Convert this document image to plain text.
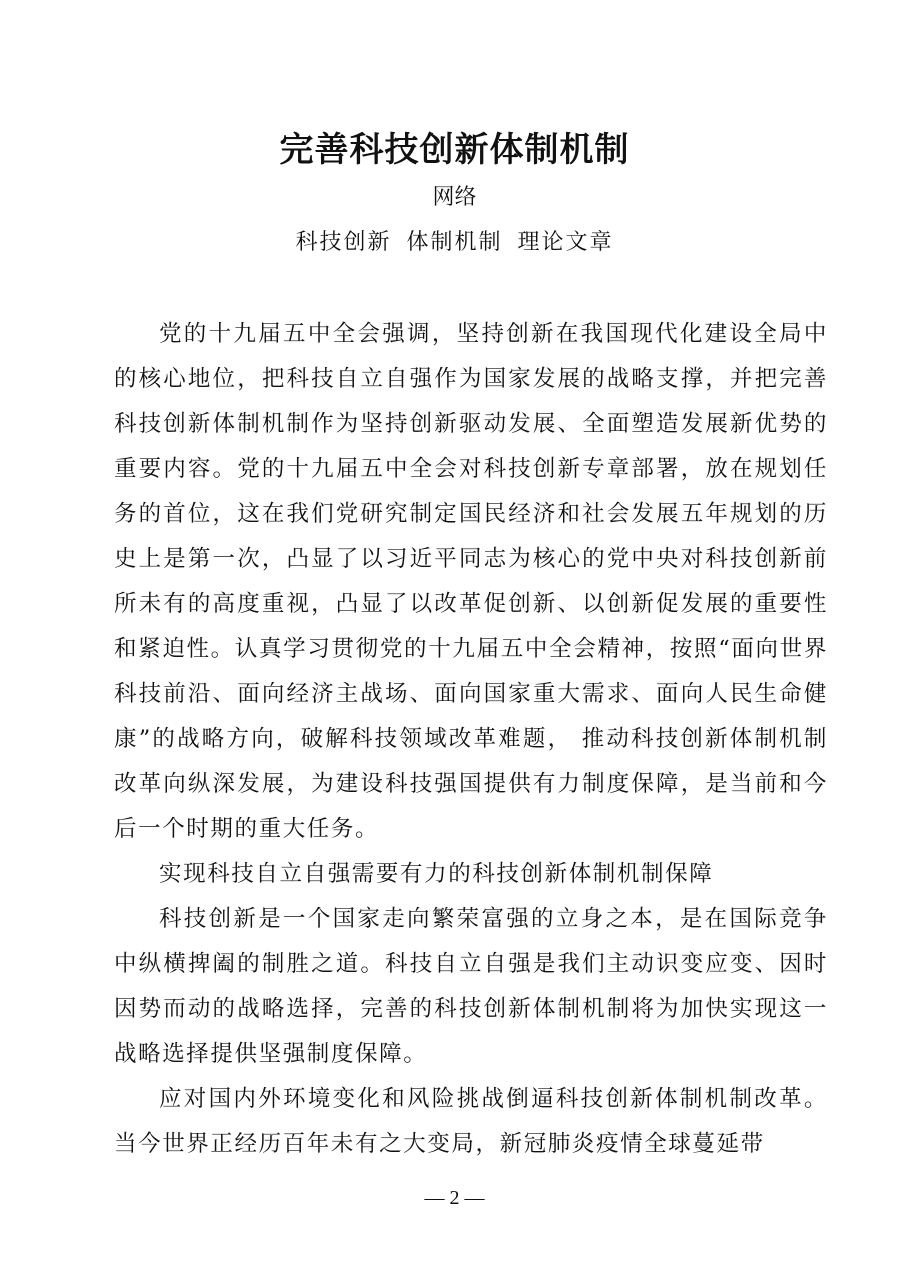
完善科技创新体制机制
网络
科技创新 体制机制 理论文章

党的十九届五中全会强调，坚持创新在我国现代化建设全局中的核心地位，把科技自立自强作为国家发展的战略支撑，并把完善科技创新体制机制作为坚持创新驱动发展、全面塑造发展新优势的重要内容。党的十九届五中全会对科技创新专章部署，放在规划任务的首位，这在我们党研究制定国民经济和社会发展五年规划的历史上是第一次，凸显了以习近平同志为核心的党中央对科技创新前所未有的高度重视，凸显了以改革促创新、以创新促发展的重要性和紧迫性。认真学习贯彻党的十九届五中全会精神，按照“面向世界科技前沿、面向经济主战场、面向国家重大需求、面向人民生命健康”的战略方向，破解科技领域改革难题， 推动科技创新体制机制改革向纵深发展，为建设科技强国提供有力制度保障，是当前和今后一个时期的重大任务。

实现科技自立自强需要有力的科技创新体制机制保障

科技创新是一个国家走向繁荣富强的立身之本，是在国际竞争中纵横捭阖的制胜之道。科技自立自强是我们主动识变应变、因时因势而动的战略选择，完善的科技创新体制机制将为加快实现这一战略选择提供坚强制度保障。

应对国内外环境变化和风险挑战倒逼科技创新体制机制改革。当今世界正经历百年未有之大变局，新冠肺炎疫情全球蔓延带

— 2 —
